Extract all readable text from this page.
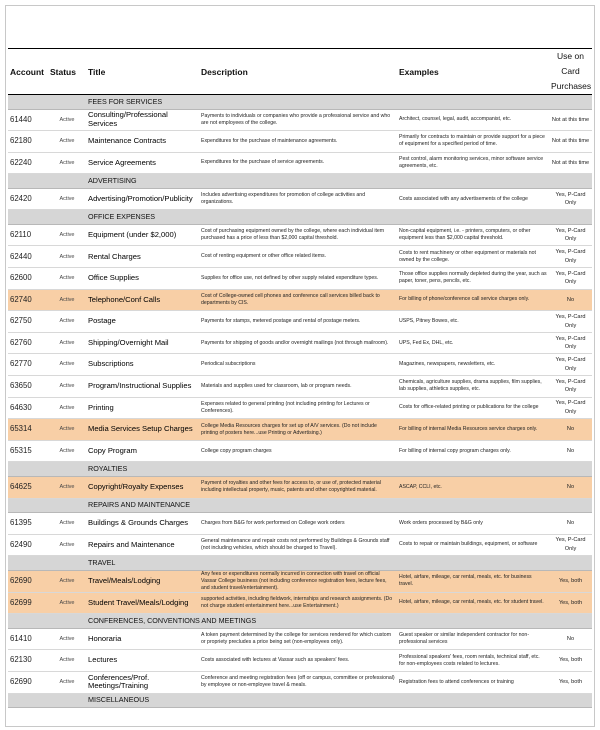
Account	Status	Title	Description	Examples	Use on Card
Purchases
		FEES FOR SERVICES			
61440	Active	Consulting/Professional Services	Payments to individuals or companies who provide a professional service and who are not employees of the college.	Architect, counsel, legal, audit, accompanist, etc.	Not at this time
62180	Active	Maintenance Contracts	Expenditures for the purchase of maintenance agreements.	Primarily for contracts to maintain or provide support for a piece of equipment for a specified period of time.	Not at this time
62240	Active	Service Agreements	Expenditures for the purchase of service agreements.	Pest control, alarm monitoring services, minor software service agreements, etc.	Not at this time
		ADVERTISING			
62420	Active	Advertising/Promotion/Publicity	Includes advertising expenditures for promotion of college activities and organizations.	Costs associated with any advertisements of the college	Yes, P-Card Only
		OFFICE EXPENSES			
62110	Active	Equipment (under $2,000)	Cost of purchasing equipment owned by the college, where each individual item purchased has a price of less than $2,000 capital threshold.	Non-capital equipment, i.e. - printers, computers, or other equipment less than $2,000 capital threshold.	Yes, P-Card Only
62440	Active	Rental Charges	Cost of renting equipment or other office related items.	Costs to rent machinery or other equipment or materials not owned by the college.	Yes, P-Card Only
62600	Active	Office Supplies	Supplies for office use, not defined by other supply related expenditure types.	Those office supplies normally depleted during the year, such as paper, toner, pens, pencils, etc.	Yes, P-Card Only
62740	Active	Telephone/Conf Calls	Cost of College-owned cell phones and conference call services billed back to departments by CIS.	For billing of phone/conference call service charges only.	No
62750	Active	Postage	Payments for stamps, metered postage and rental of postage meters.	USPS, Pitney Bowes, etc.	Yes, P-Card Only
62760	Active	Shipping/Overnight Mail	Payments for shipping of goods and/or overnight mailings (not through mailroom).	UPS, Fed Ex, DHL, etc.	Yes, P-Card Only
62770	Active	Subscriptions	Periodical subscriptions	Magazines, newspapers, newsletters, etc.	Yes, P-Card Only
63650	Active	Program/Instructional Supplies	Materials and supplies used for classroom, lab or program needs.	Chemicals, agriculture supplies, drama supplies, film supplies, lab supplies, athletics supplies, etc.	Yes, P-Card Only
64630	Active	Printing	Expenses related to general printing (not including printing for Lectures or Conferences).	Costs for office-related printing or publications for the college	Yes, P-Card Only
65314	Active	Media Services Setup Charges	College Media Resources charges for set up of A/V services. (Do not include printing of posters here...use Printing or Advertising.)	For billing of internal Media Resources service charges only.	No
65315	Active	Copy Program	College copy program charges	For billing of internal copy program charges only.	No
		ROYALTIES			
64625	Active	Copyright/Royalty Expenses	Payment of royalties and other fees for access to, or use of, protected material including intellectual property, music, patents and other copyrighted material.	ASCAP, CCLI, etc.	No
		REPAIRS AND MAINTENANCE			
61395	Active	Buildings & Grounds Charges	Charges from B&G for work performed on College work orders	Work orders processed by B&G only	No
62490	Active	Repairs and Maintenance	General maintenance and repair costs not performed by Buildings & Grounds staff (not including vehicles, which should be charged to Travel).	Costs to repair or maintain buildings, equipment, or software	Yes, P-Card Only
		TRAVEL			
62690	Active	Travel/Meals/Lodging	Any fees or expenditures normally incurred in connection with travel on official Vassar College business (not including conference registration fees, lecture fees, and student travel/entertainment).	Hotel, airfare, mileage, car rental, meals, etc. for business travel.	Yes, both
62699	Active	Student Travel/Meals/Lodging	supported activities, including fieldwork, internships and research assignments. (Do not charge student entertainment here...use Entertainment.)	Hotel, airfare, mileage, car rental, meals, etc. for student travel.	Yes, both
		CONFERENCES, CONVENTIONS AND MEETINGS			
61410	Active	Honoraria	A token payment determined by the college for services rendered for which custom or propriety precludes a price being set (non-employees only).	Guest speaker or similar independent contractor for non-professional services	No
62130	Active	Lectures	Costs associated with lectures at Vassar such as speakers' fees.	Professional speakers' fees, room rentals, technical staff, etc. for non-employees costs related to lectures.	Yes, both
62690	Active	Conferences/Prof. Meetings/Training	Conference and meeting registration fees (off or campus, committee or professional) by employee or non-employee travel & meals.	Registration fees to attend conferences or training	Yes, both
		MISCELLANEOUS			
